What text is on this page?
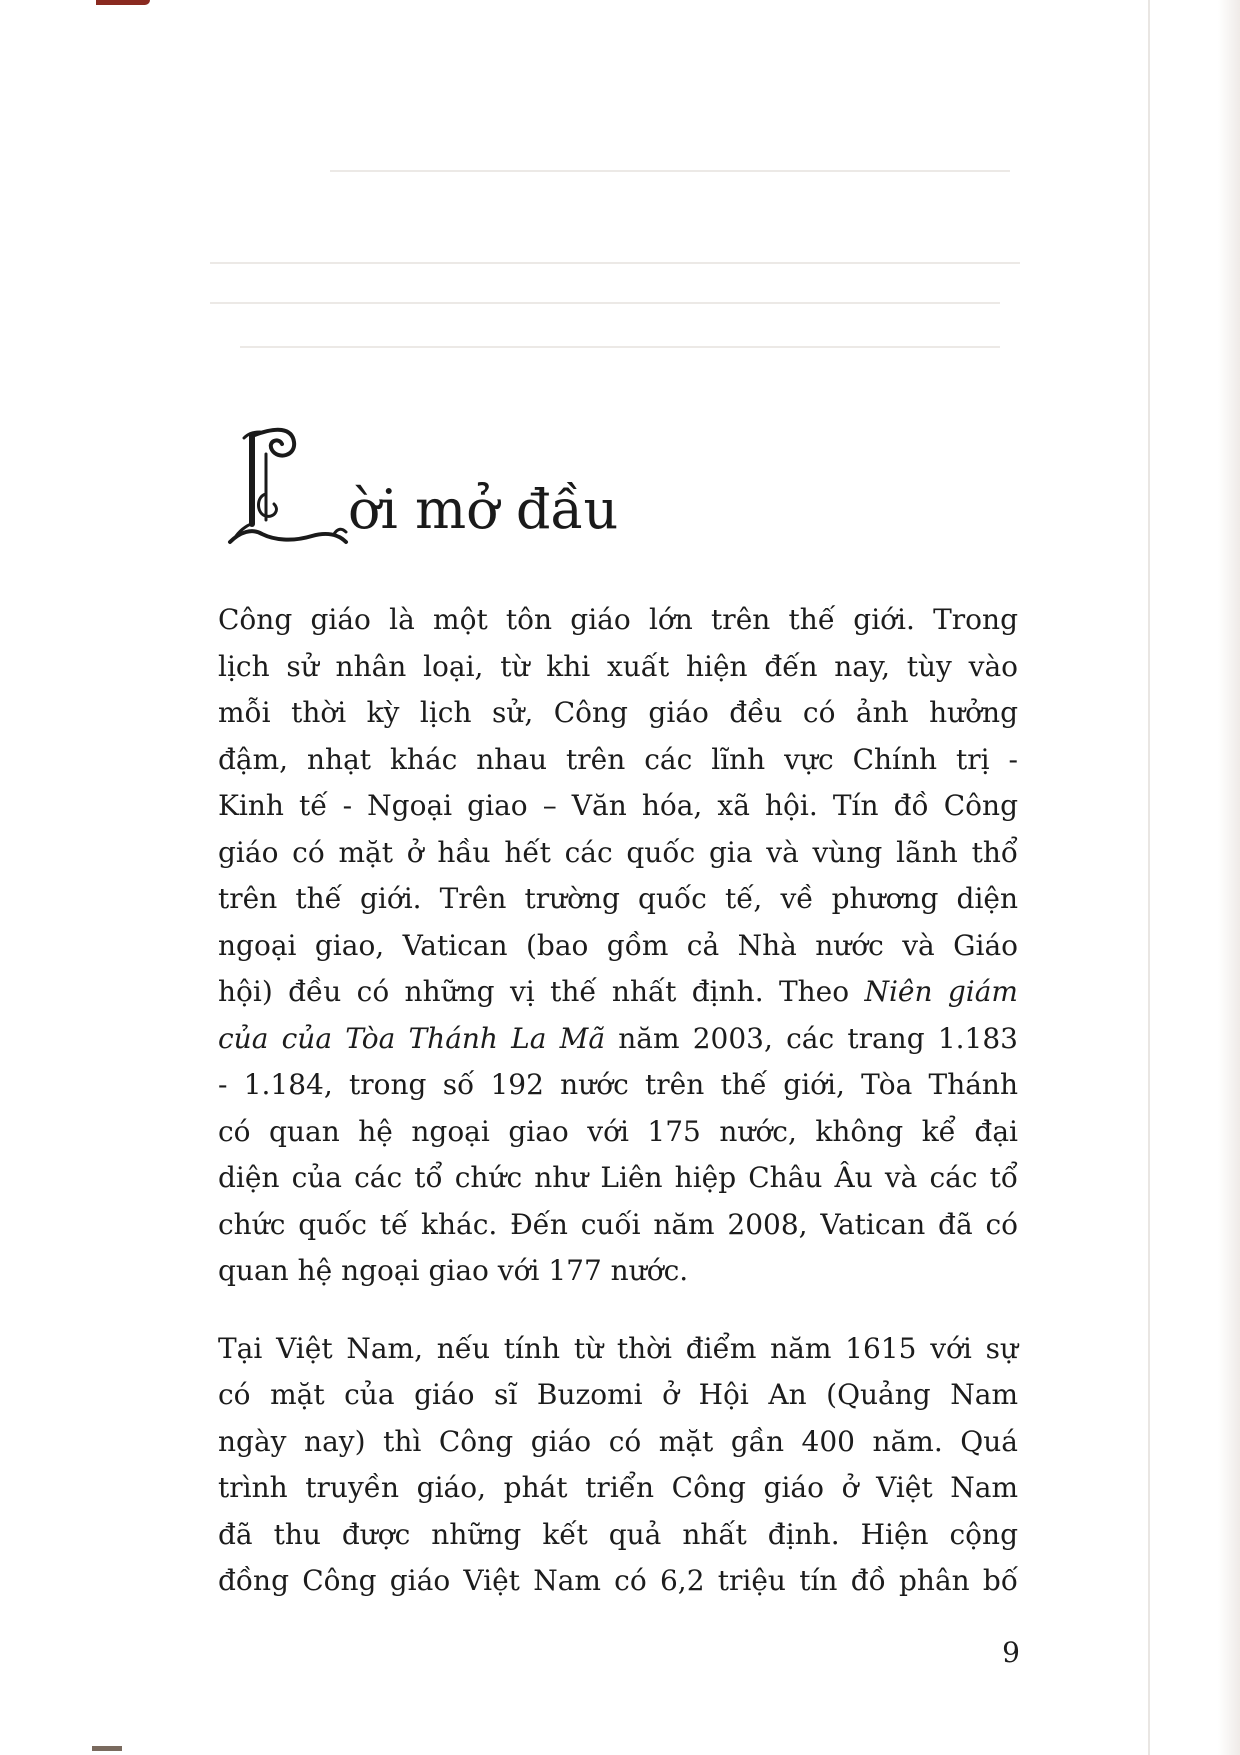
ời mở đầu

Công giáo là một tôn giáo lớn trên thế giới. Trong
lịch sử nhân loại, từ khi xuất hiện đến nay, tùy vào
mỗi thời kỳ lịch sử, Công giáo đều có ảnh hưởng
đậm, nhạt khác nhau trên các lĩnh vực Chính trị -
Kinh tế - Ngoại giao – Văn hóa, xã hội. Tín đồ Công
giáo có mặt ở hầu hết các quốc gia và vùng lãnh thổ
trên thế giới. Trên trường quốc tế, về phương diện
ngoại giao, Vatican (bao gồm cả Nhà nước và Giáo
hội) đều có những vị thế nhất định. Theo Niên giám
của của Tòa Thánh La Mã năm 2003, các trang 1.183
- 1.184, trong số 192 nước trên thế giới, Tòa Thánh
có quan hệ ngoại giao với 175 nước, không kể đại
diện của các tổ chức như Liên hiệp Châu Âu và các tổ
chức quốc tế khác. Đến cuối năm 2008, Vatican đã có
quan hệ ngoại giao với 177 nước.

Tại Việt Nam, nếu tính từ thời điểm năm 1615 với sự
có mặt của giáo sĩ Buzomi ở Hội An (Quảng Nam
ngày nay) thì Công giáo có mặt gần 400 năm. Quá
trình truyền giáo, phát triển Công giáo ở Việt Nam
đã thu được những kết quả nhất định. Hiện cộng
đồng Công giáo Việt Nam có 6,2 triệu tín đồ phân bố

9
